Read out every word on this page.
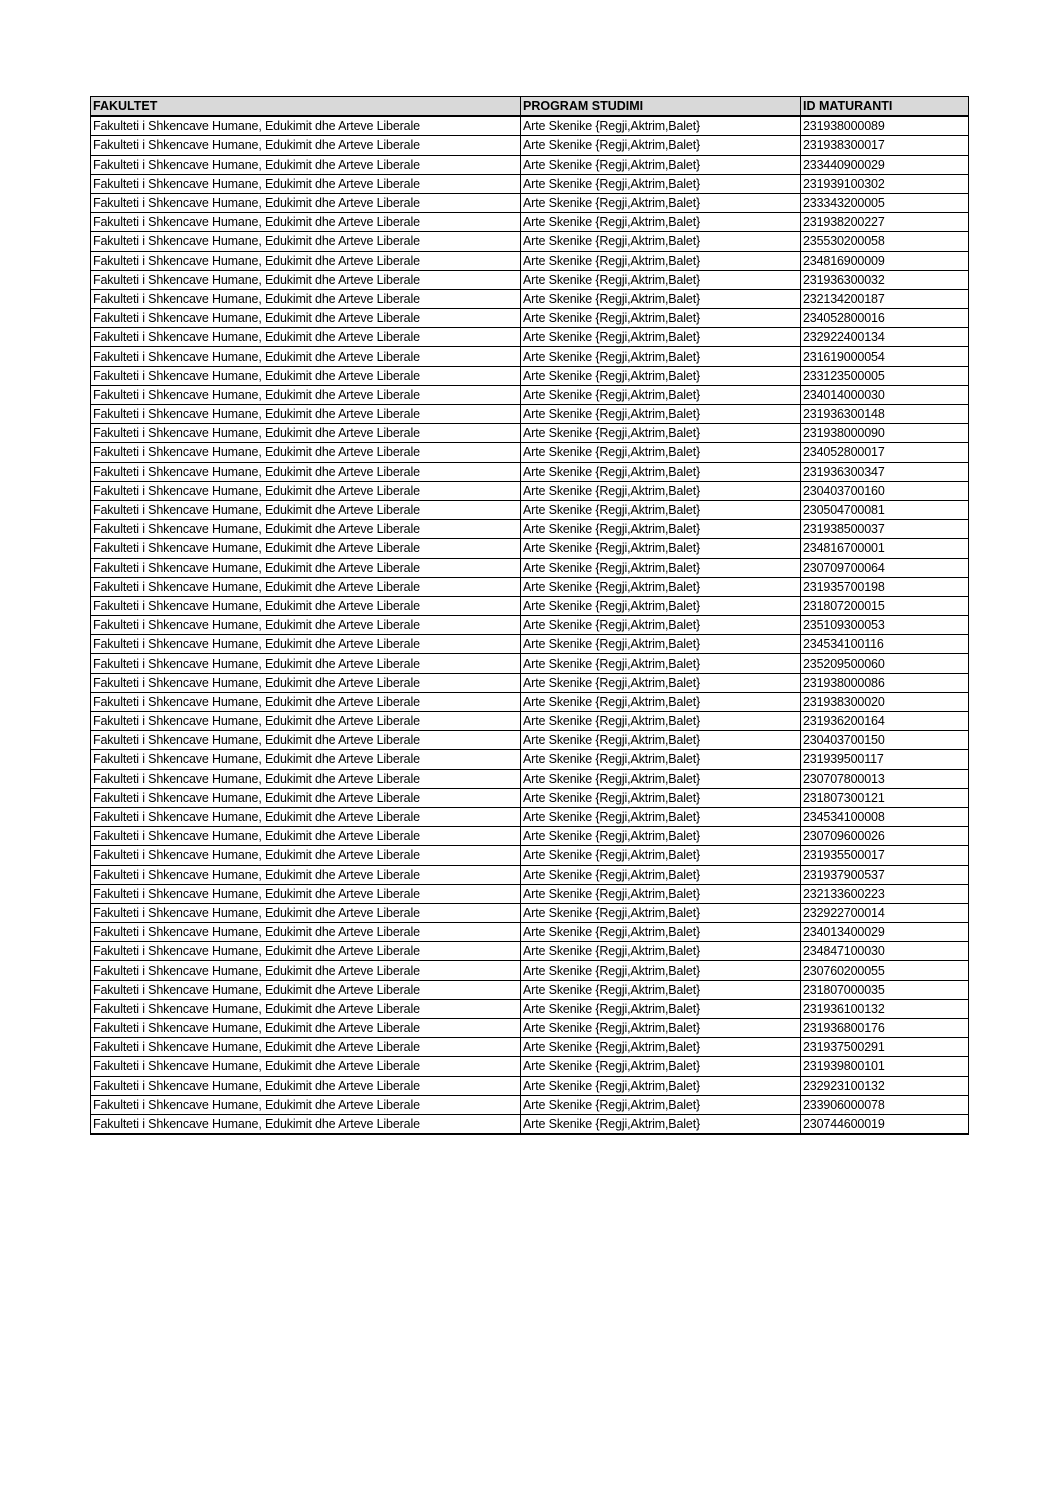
FAKULTET	PROGRAM STUDIMI	ID MATURANTI
Fakulteti i Shkencave Humane, Edukimit dhe Arteve Liberale	Arte Skenike {Regji,Aktrim,Balet}	231938000089
Fakulteti i Shkencave Humane, Edukimit dhe Arteve Liberale	Arte Skenike {Regji,Aktrim,Balet}	231938300017
Fakulteti i Shkencave Humane, Edukimit dhe Arteve Liberale	Arte Skenike {Regji,Aktrim,Balet}	233440900029
Fakulteti i Shkencave Humane, Edukimit dhe Arteve Liberale	Arte Skenike {Regji,Aktrim,Balet}	231939100302
Fakulteti i Shkencave Humane, Edukimit dhe Arteve Liberale	Arte Skenike {Regji,Aktrim,Balet}	233343200005
Fakulteti i Shkencave Humane, Edukimit dhe Arteve Liberale	Arte Skenike {Regji,Aktrim,Balet}	231938200227
Fakulteti i Shkencave Humane, Edukimit dhe Arteve Liberale	Arte Skenike {Regji,Aktrim,Balet}	235530200058
Fakulteti i Shkencave Humane, Edukimit dhe Arteve Liberale	Arte Skenike {Regji,Aktrim,Balet}	234816900009
Fakulteti i Shkencave Humane, Edukimit dhe Arteve Liberale	Arte Skenike {Regji,Aktrim,Balet}	231936300032
Fakulteti i Shkencave Humane, Edukimit dhe Arteve Liberale	Arte Skenike {Regji,Aktrim,Balet}	232134200187
Fakulteti i Shkencave Humane, Edukimit dhe Arteve Liberale	Arte Skenike {Regji,Aktrim,Balet}	234052800016
Fakulteti i Shkencave Humane, Edukimit dhe Arteve Liberale	Arte Skenike {Regji,Aktrim,Balet}	232922400134
Fakulteti i Shkencave Humane, Edukimit dhe Arteve Liberale	Arte Skenike {Regji,Aktrim,Balet}	231619000054
Fakulteti i Shkencave Humane, Edukimit dhe Arteve Liberale	Arte Skenike {Regji,Aktrim,Balet}	233123500005
Fakulteti i Shkencave Humane, Edukimit dhe Arteve Liberale	Arte Skenike {Regji,Aktrim,Balet}	234014000030
Fakulteti i Shkencave Humane, Edukimit dhe Arteve Liberale	Arte Skenike {Regji,Aktrim,Balet}	231936300148
Fakulteti i Shkencave Humane, Edukimit dhe Arteve Liberale	Arte Skenike {Regji,Aktrim,Balet}	231938000090
Fakulteti i Shkencave Humane, Edukimit dhe Arteve Liberale	Arte Skenike {Regji,Aktrim,Balet}	234052800017
Fakulteti i Shkencave Humane, Edukimit dhe Arteve Liberale	Arte Skenike {Regji,Aktrim,Balet}	231936300347
Fakulteti i Shkencave Humane, Edukimit dhe Arteve Liberale	Arte Skenike {Regji,Aktrim,Balet}	230403700160
Fakulteti i Shkencave Humane, Edukimit dhe Arteve Liberale	Arte Skenike {Regji,Aktrim,Balet}	230504700081
Fakulteti i Shkencave Humane, Edukimit dhe Arteve Liberale	Arte Skenike {Regji,Aktrim,Balet}	231938500037
Fakulteti i Shkencave Humane, Edukimit dhe Arteve Liberale	Arte Skenike {Regji,Aktrim,Balet}	234816700001
Fakulteti i Shkencave Humane, Edukimit dhe Arteve Liberale	Arte Skenike {Regji,Aktrim,Balet}	230709700064
Fakulteti i Shkencave Humane, Edukimit dhe Arteve Liberale	Arte Skenike {Regji,Aktrim,Balet}	231935700198
Fakulteti i Shkencave Humane, Edukimit dhe Arteve Liberale	Arte Skenike {Regji,Aktrim,Balet}	231807200015
Fakulteti i Shkencave Humane, Edukimit dhe Arteve Liberale	Arte Skenike {Regji,Aktrim,Balet}	235109300053
Fakulteti i Shkencave Humane, Edukimit dhe Arteve Liberale	Arte Skenike {Regji,Aktrim,Balet}	234534100116
Fakulteti i Shkencave Humane, Edukimit dhe Arteve Liberale	Arte Skenike {Regji,Aktrim,Balet}	235209500060
Fakulteti i Shkencave Humane, Edukimit dhe Arteve Liberale	Arte Skenike {Regji,Aktrim,Balet}	231938000086
Fakulteti i Shkencave Humane, Edukimit dhe Arteve Liberale	Arte Skenike {Regji,Aktrim,Balet}	231938300020
Fakulteti i Shkencave Humane, Edukimit dhe Arteve Liberale	Arte Skenike {Regji,Aktrim,Balet}	231936200164
Fakulteti i Shkencave Humane, Edukimit dhe Arteve Liberale	Arte Skenike {Regji,Aktrim,Balet}	230403700150
Fakulteti i Shkencave Humane, Edukimit dhe Arteve Liberale	Arte Skenike {Regji,Aktrim,Balet}	231939500117
Fakulteti i Shkencave Humane, Edukimit dhe Arteve Liberale	Arte Skenike {Regji,Aktrim,Balet}	230707800013
Fakulteti i Shkencave Humane, Edukimit dhe Arteve Liberale	Arte Skenike {Regji,Aktrim,Balet}	231807300121
Fakulteti i Shkencave Humane, Edukimit dhe Arteve Liberale	Arte Skenike {Regji,Aktrim,Balet}	234534100008
Fakulteti i Shkencave Humane, Edukimit dhe Arteve Liberale	Arte Skenike {Regji,Aktrim,Balet}	230709600026
Fakulteti i Shkencave Humane, Edukimit dhe Arteve Liberale	Arte Skenike {Regji,Aktrim,Balet}	231935500017
Fakulteti i Shkencave Humane, Edukimit dhe Arteve Liberale	Arte Skenike {Regji,Aktrim,Balet}	231937900537
Fakulteti i Shkencave Humane, Edukimit dhe Arteve Liberale	Arte Skenike {Regji,Aktrim,Balet}	232133600223
Fakulteti i Shkencave Humane, Edukimit dhe Arteve Liberale	Arte Skenike {Regji,Aktrim,Balet}	232922700014
Fakulteti i Shkencave Humane, Edukimit dhe Arteve Liberale	Arte Skenike {Regji,Aktrim,Balet}	234013400029
Fakulteti i Shkencave Humane, Edukimit dhe Arteve Liberale	Arte Skenike {Regji,Aktrim,Balet}	234847100030
Fakulteti i Shkencave Humane, Edukimit dhe Arteve Liberale	Arte Skenike {Regji,Aktrim,Balet}	230760200055
Fakulteti i Shkencave Humane, Edukimit dhe Arteve Liberale	Arte Skenike {Regji,Aktrim,Balet}	231807000035
Fakulteti i Shkencave Humane, Edukimit dhe Arteve Liberale	Arte Skenike {Regji,Aktrim,Balet}	231936100132
Fakulteti i Shkencave Humane, Edukimit dhe Arteve Liberale	Arte Skenike {Regji,Aktrim,Balet}	231936800176
Fakulteti i Shkencave Humane, Edukimit dhe Arteve Liberale	Arte Skenike {Regji,Aktrim,Balet}	231937500291
Fakulteti i Shkencave Humane, Edukimit dhe Arteve Liberale	Arte Skenike {Regji,Aktrim,Balet}	231939800101
Fakulteti i Shkencave Humane, Edukimit dhe Arteve Liberale	Arte Skenike {Regji,Aktrim,Balet}	232923100132
Fakulteti i Shkencave Humane, Edukimit dhe Arteve Liberale	Arte Skenike {Regji,Aktrim,Balet}	233906000078
Fakulteti i Shkencave Humane, Edukimit dhe Arteve Liberale	Arte Skenike {Regji,Aktrim,Balet}	230744600019
